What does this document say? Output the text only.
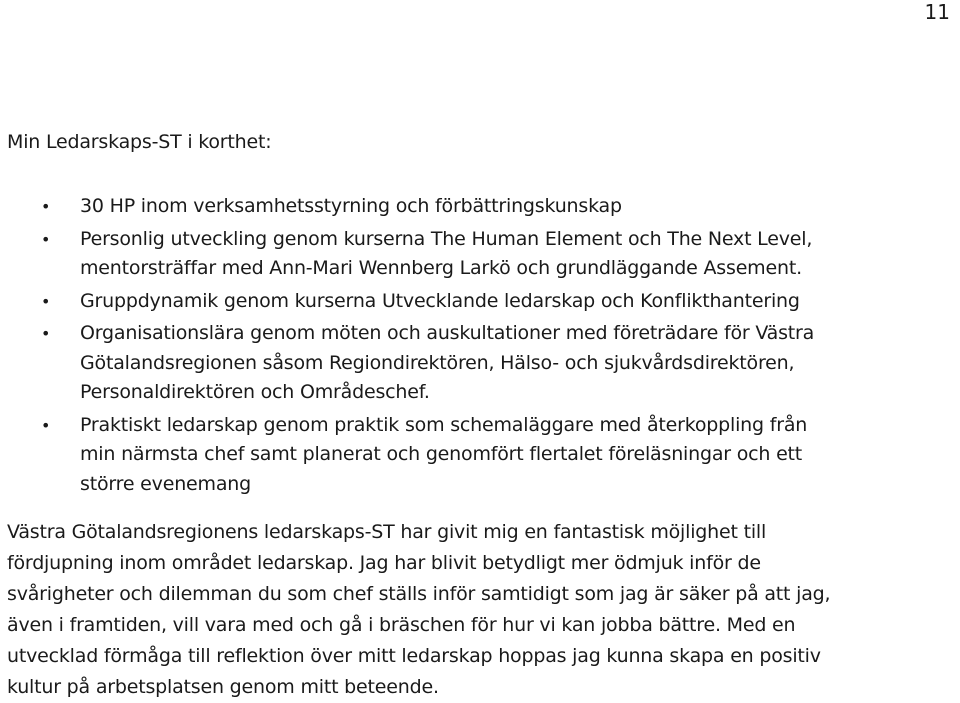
11
Min Ledarskaps-ST i korthet:
• 30 HP inom verksamhetsstyrning och förbättringskunskap
• Personlig utveckling genom kurserna The Human Element och The Next Level,
mentorsträffar med Ann-Mari Wennberg Larkö och grundläggande Assement.
• Gruppdynamik genom kurserna Utvecklande ledarskap och Konflikthantering
• Organisationslära genom möten och auskultationer med företrädare för Västra
Götalandsregionen såsom Regiondirektören, Hälso- och sjukvårdsdirektören,
Personaldirektören och Områdeschef.
• Praktiskt ledarskap genom praktik som schemaläggare med återkoppling från
min närmsta chef samt planerat och genomfört flertalet föreläsningar och ett
större evenemang

Västra Götalandsregionens ledarskaps-ST har givit mig en fantastisk möjlighet till
fördjupning inom området ledarskap. Jag har blivit betydligt mer ödmjuk inför de
svårigheter och dilemman du som chef ställs inför samtidigt som jag är säker på att jag,
även i framtiden, vill vara med och gå i bräschen för hur vi kan jobba bättre. Med en
utvecklad förmåga till reflektion över mitt ledarskap hoppas jag kunna skapa en positiv
kultur på arbetsplatsen genom mitt beteende.
